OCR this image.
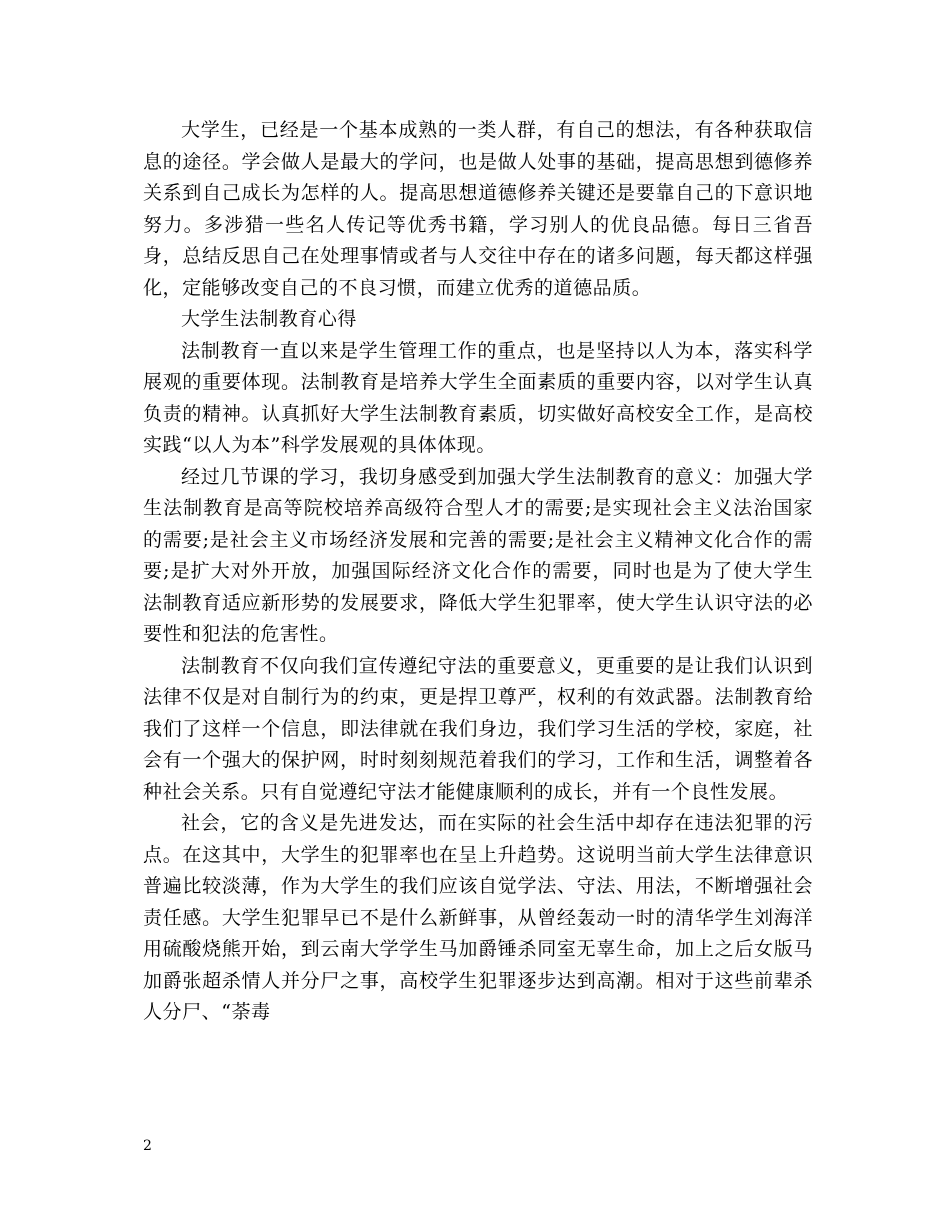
大学生，已经是一个基本成熟的一类人群，有自己的想法，有各种获取信息的途径。学会做人是最大的学问，也是做人处事的基础，提高思想到德修养关系到自己成长为怎样的人。提高思想道德修养关键还是要靠自己的下意识地努力。多涉猎一些名人传记等优秀书籍，学习别人的优良品德。每日三省吾身，总结反思自己在处理事情或者与人交往中存在的诸多问题，每天都这样强化，定能够改变自己的不良习惯，而建立优秀的道德品质。

大学生法制教育心得

法制教育一直以来是学生管理工作的重点，也是坚持以人为本，落实科学展观的重要体现。法制教育是培养大学生全面素质的重要内容，以对学生认真负责的精神。认真抓好大学生法制教育素质，切实做好高校安全工作，是高校实践“以人为本”科学发展观的具体体现。

经过几节课的学习，我切身感受到加强大学生法制教育的意义：加强大学生法制教育是高等院校培养高级符合型人才的需要;是实现社会主义法治国家的需要;是社会主义市场经济发展和完善的需要;是社会主义精神文化合作的需要;是扩大对外开放，加强国际经济文化合作的需要，同时也是为了使大学生法制教育适应新形势的发展要求，降低大学生犯罪率，使大学生认识守法的必要性和犯法的危害性。

法制教育不仅向我们宣传遵纪守法的重要意义，更重要的是让我们认识到法律不仅是对自制行为的约束，更是捍卫尊严，权利的有效武器。法制教育给我们了这样一个信息，即法律就在我们身边，我们学习生活的学校，家庭，社会有一个强大的保护网，时时刻刻规范着我们的学习，工作和生活，调整着各种社会关系。只有自觉遵纪守法才能健康顺利的成长，并有一个良性发展。

社会，它的含义是先进发达，而在实际的社会生活中却存在违法犯罪的污点。在这其中，大学生的犯罪率也在呈上升趋势。这说明当前大学生法律意识普遍比较淡薄，作为大学生的我们应该自觉学法、守法、用法，不断增强社会责任感。大学生犯罪早已不是什么新鲜事，从曾经轰动一时的清华学生刘海洋用硫酸烧熊开始，到云南大学学生马加爵锤杀同室无辜生命，加上之后女版马加爵张超杀情人并分尸之事，高校学生犯罪逐步达到高潮。相对于这些前辈杀人分尸、“荼毒

2
